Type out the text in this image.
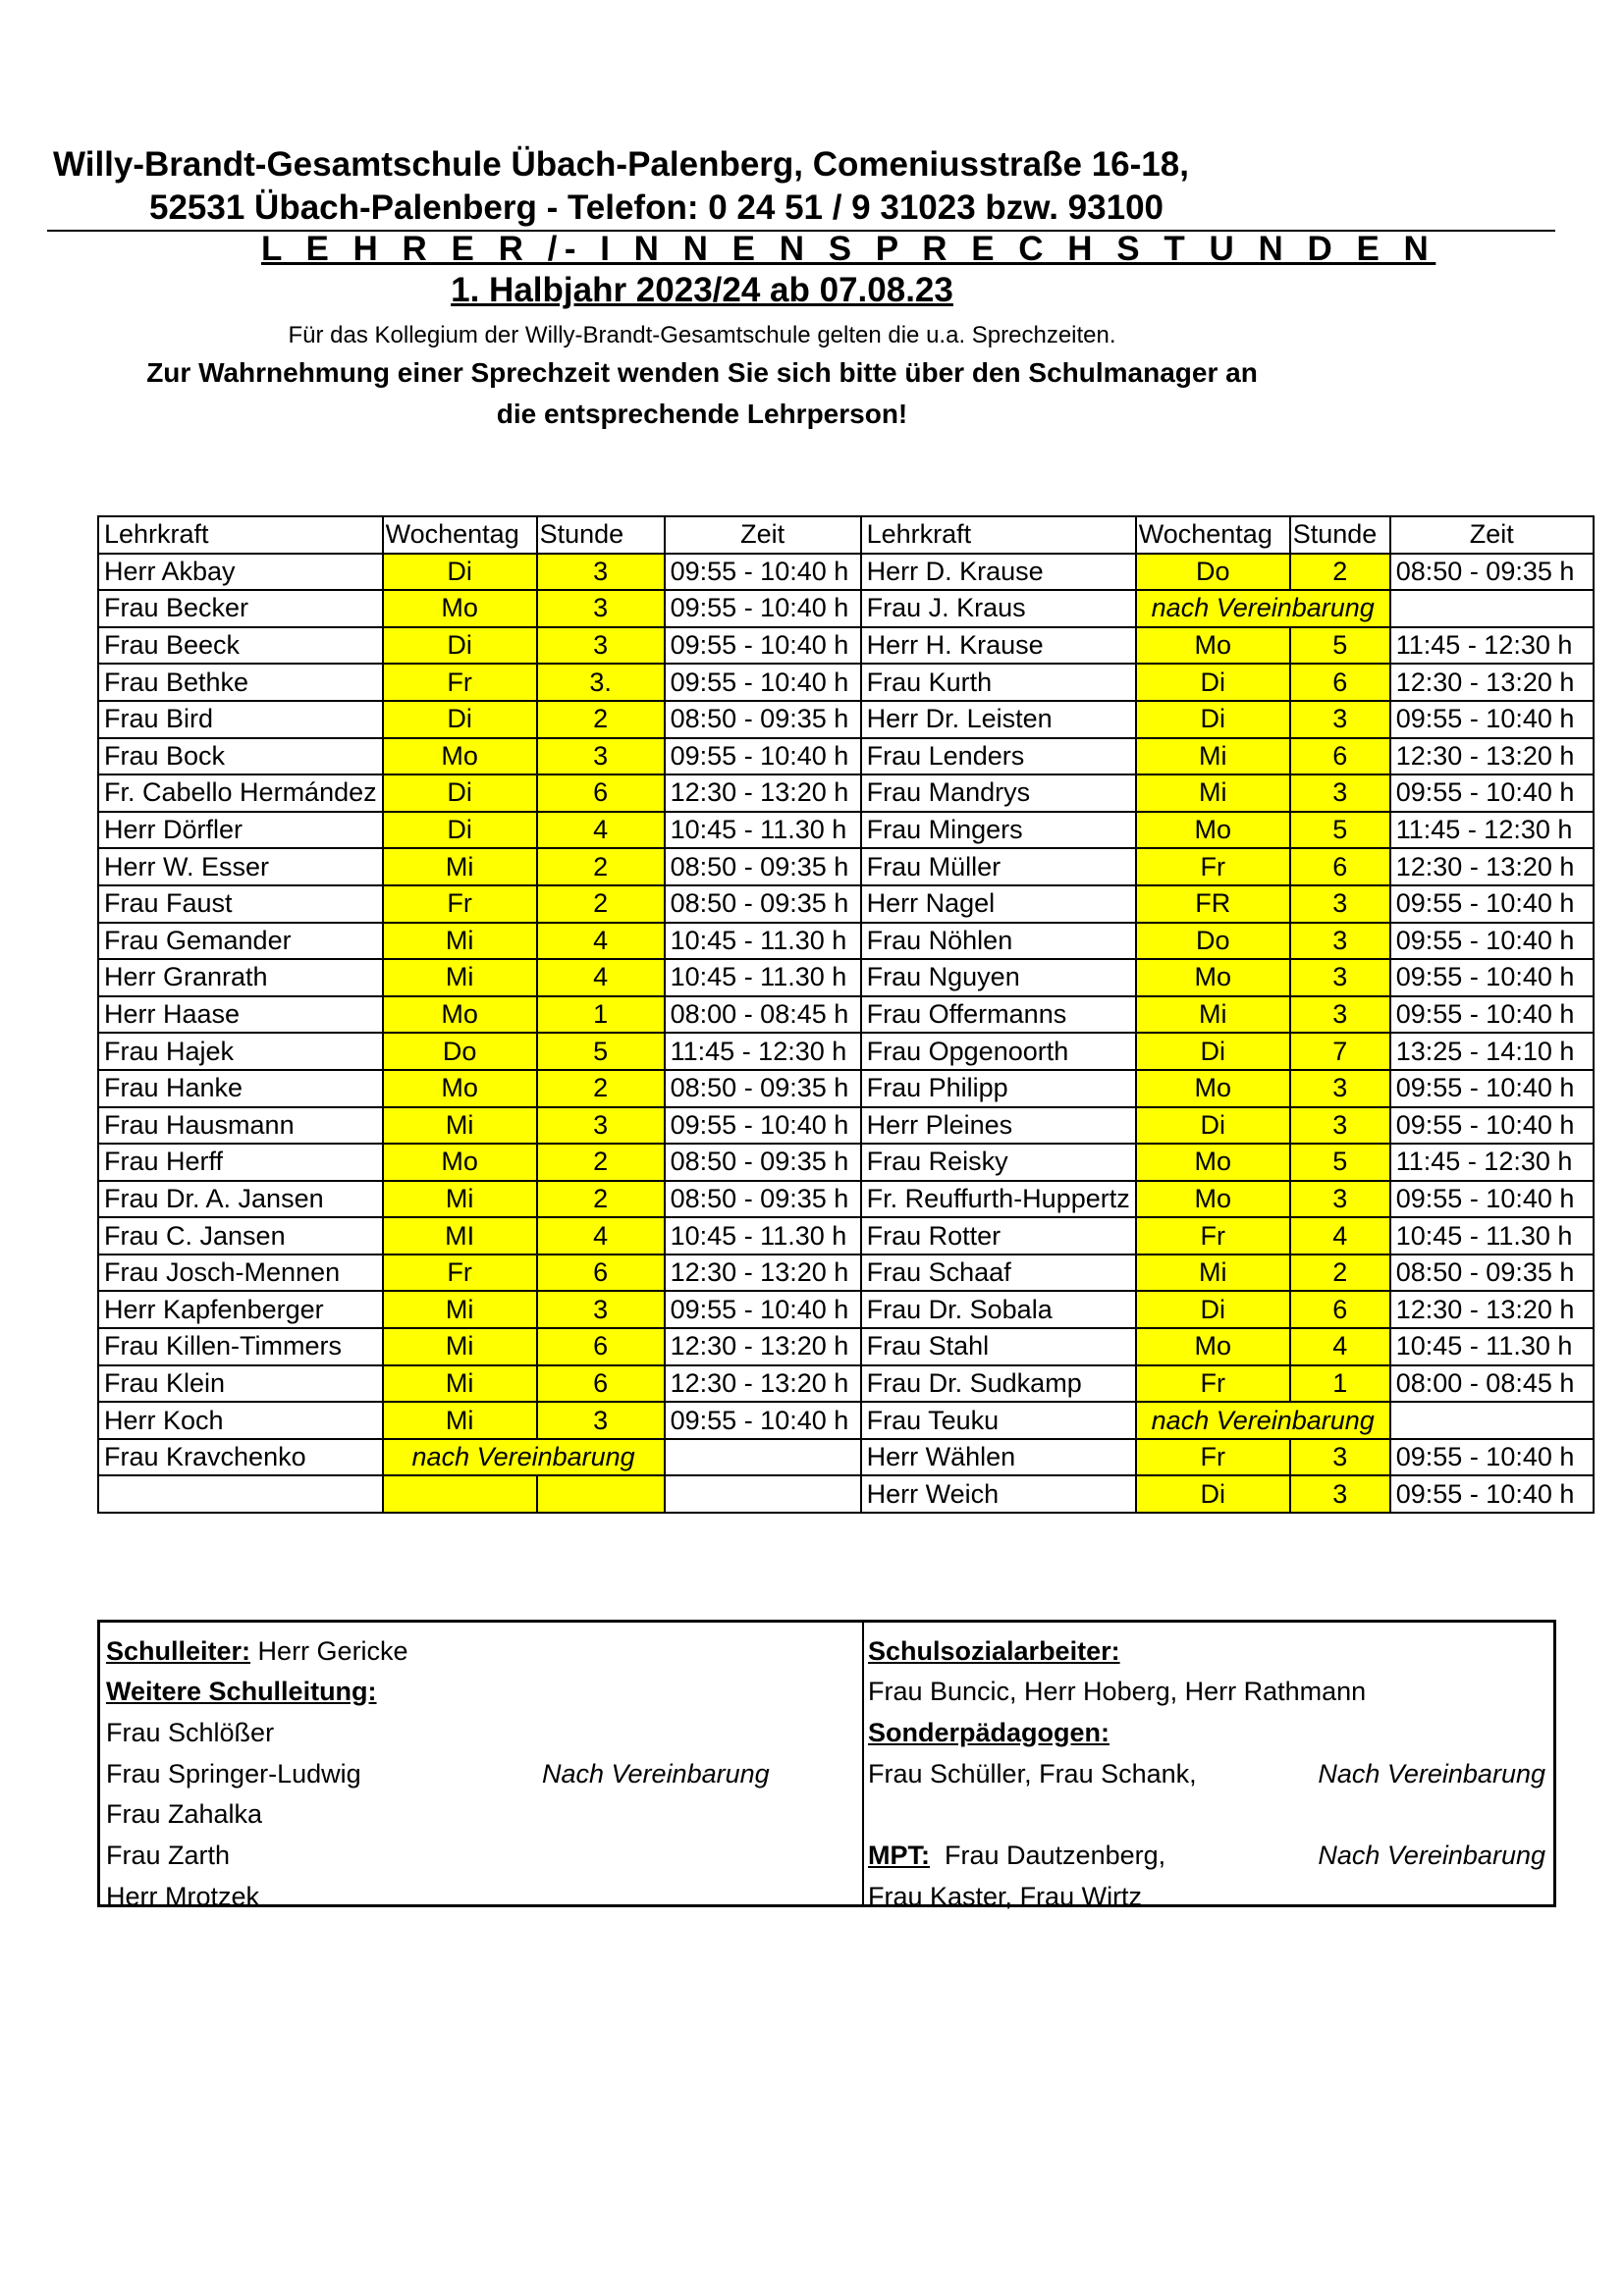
Willy-Brandt-Gesamtschule Übach-Palenberg, Comeniusstraße 16-18,
52531 Übach-Palenberg - Telefon: 0 24 51 / 9 31023 bzw. 93100
L E H R E R /- I N N E N S P R E C H S T U N D E N
1. Halbjahr 2023/24 ab 07.08.23
Für das Kollegium der Willy-Brandt-Gesamtschule gelten die u.a. Sprechzeiten.
Zur Wahrnehmung einer Sprechzeit wenden Sie sich bitte über den Schulmanager an
die entsprechende Lehrperson!
Lehrkraft	Wochentag	Stunde	Zeit	Lehrkraft	Wochentag	Stunde	Zeit
Herr Akbay	Di	3	09:55 - 10:40 h	Herr D. Krause	Do	2	08:50 - 09:35 h
Frau Becker	Mo	3	09:55 - 10:40 h	Frau J. Kraus	nach Vereinbarung		
Frau Beeck	Di	3	09:55 - 10:40 h	Herr H. Krause	Mo	5	11:45 - 12:30 h
Frau Bethke	Fr	3.	09:55 - 10:40 h	Frau Kurth	Di	6	12:30 - 13:20 h
Frau Bird	Di	2	08:50 - 09:35 h	Herr Dr. Leisten	Di	3	09:55 - 10:40 h
Frau Bock	Mo	3	09:55 - 10:40 h	Frau Lenders	Mi	6	12:30 - 13:20 h
Fr. Cabello Hermández	Di	6	12:30 - 13:20 h	Frau Mandrys	Mi	3	09:55 - 10:40 h
Herr Dörfler	Di	4	10:45 - 11.30 h	Frau Mingers	Mo	5	11:45 - 12:30 h
Herr W. Esser	Mi	2	08:50 - 09:35 h	Frau Müller	Fr	6	12:30 - 13:20 h
Frau Faust	Fr	2	08:50 - 09:35 h	Herr Nagel	FR	3	09:55 - 10:40 h
Frau Gemander	Mi	4	10:45 - 11.30 h	Frau Nöhlen	Do	3	09:55 - 10:40 h
Herr Granrath	Mi	4	10:45 - 11.30 h	Frau Nguyen	Mo	3	09:55 - 10:40 h
Herr Haase	Mo	1	08:00 - 08:45 h	Frau Offermanns	Mi	3	09:55 - 10:40 h
Frau Hajek	Do	5	11:45 - 12:30 h	Frau Opgenoorth	Di	7	13:25 - 14:10 h
Frau Hanke	Mo	2	08:50 - 09:35 h	Frau Philipp	Mo	3	09:55 - 10:40 h
Frau Hausmann	Mi	3	09:55 - 10:40 h	Herr Pleines	Di	3	09:55 - 10:40 h
Frau Herff	Mo	2	08:50 - 09:35 h	Frau Reisky	Mo	5	11:45 - 12:30 h
Frau Dr. A. Jansen	Mi	2	08:50 - 09:35 h	Fr. Reuffurth-Huppertz	Mo	3	09:55 - 10:40 h
Frau C. Jansen	MI	4	10:45 - 11.30 h	Frau Rotter	Fr	4	10:45 - 11.30 h
Frau Josch-Mennen	Fr	6	12:30 - 13:20 h	Frau Schaaf	Mi	2	08:50 - 09:35 h
Herr Kapfenberger	Mi	3	09:55 - 10:40 h	Frau Dr. Sobala	Di	6	12:30 - 13:20 h
Frau Killen-Timmers	Mi	6	12:30 - 13:20 h	Frau Stahl	Mo	4	10:45 - 11.30 h
Frau Klein	Mi	6	12:30 - 13:20 h	Frau Dr. Sudkamp	Fr	1	08:00 - 08:45 h
Herr Koch	Mi	3	09:55 - 10:40 h	Frau Teuku	nach Vereinbarung		
Frau Kravchenko	nach Vereinbarung			Herr Wählen	Fr	3	09:55 - 10:40 h
				Herr Weich	Di	3	09:55 - 10:40 h
Schulleiter: Herr Gericke
Weitere Schulleitung:
Frau Schlößer
Frau Springer-Ludwig	Nach Vereinbarung
Frau Zahalka
Frau Zarth
Herr Mrotzek
Schulsozialarbeiter:
Frau Buncic, Herr Hoberg, Herr Rathmann
Sonderpädagogen:
Frau Schüller, Frau Schank,	Nach Vereinbarung
MPT:  Frau Dautzenberg,	Nach Vereinbarung
Frau Kaster, Frau Wirtz
